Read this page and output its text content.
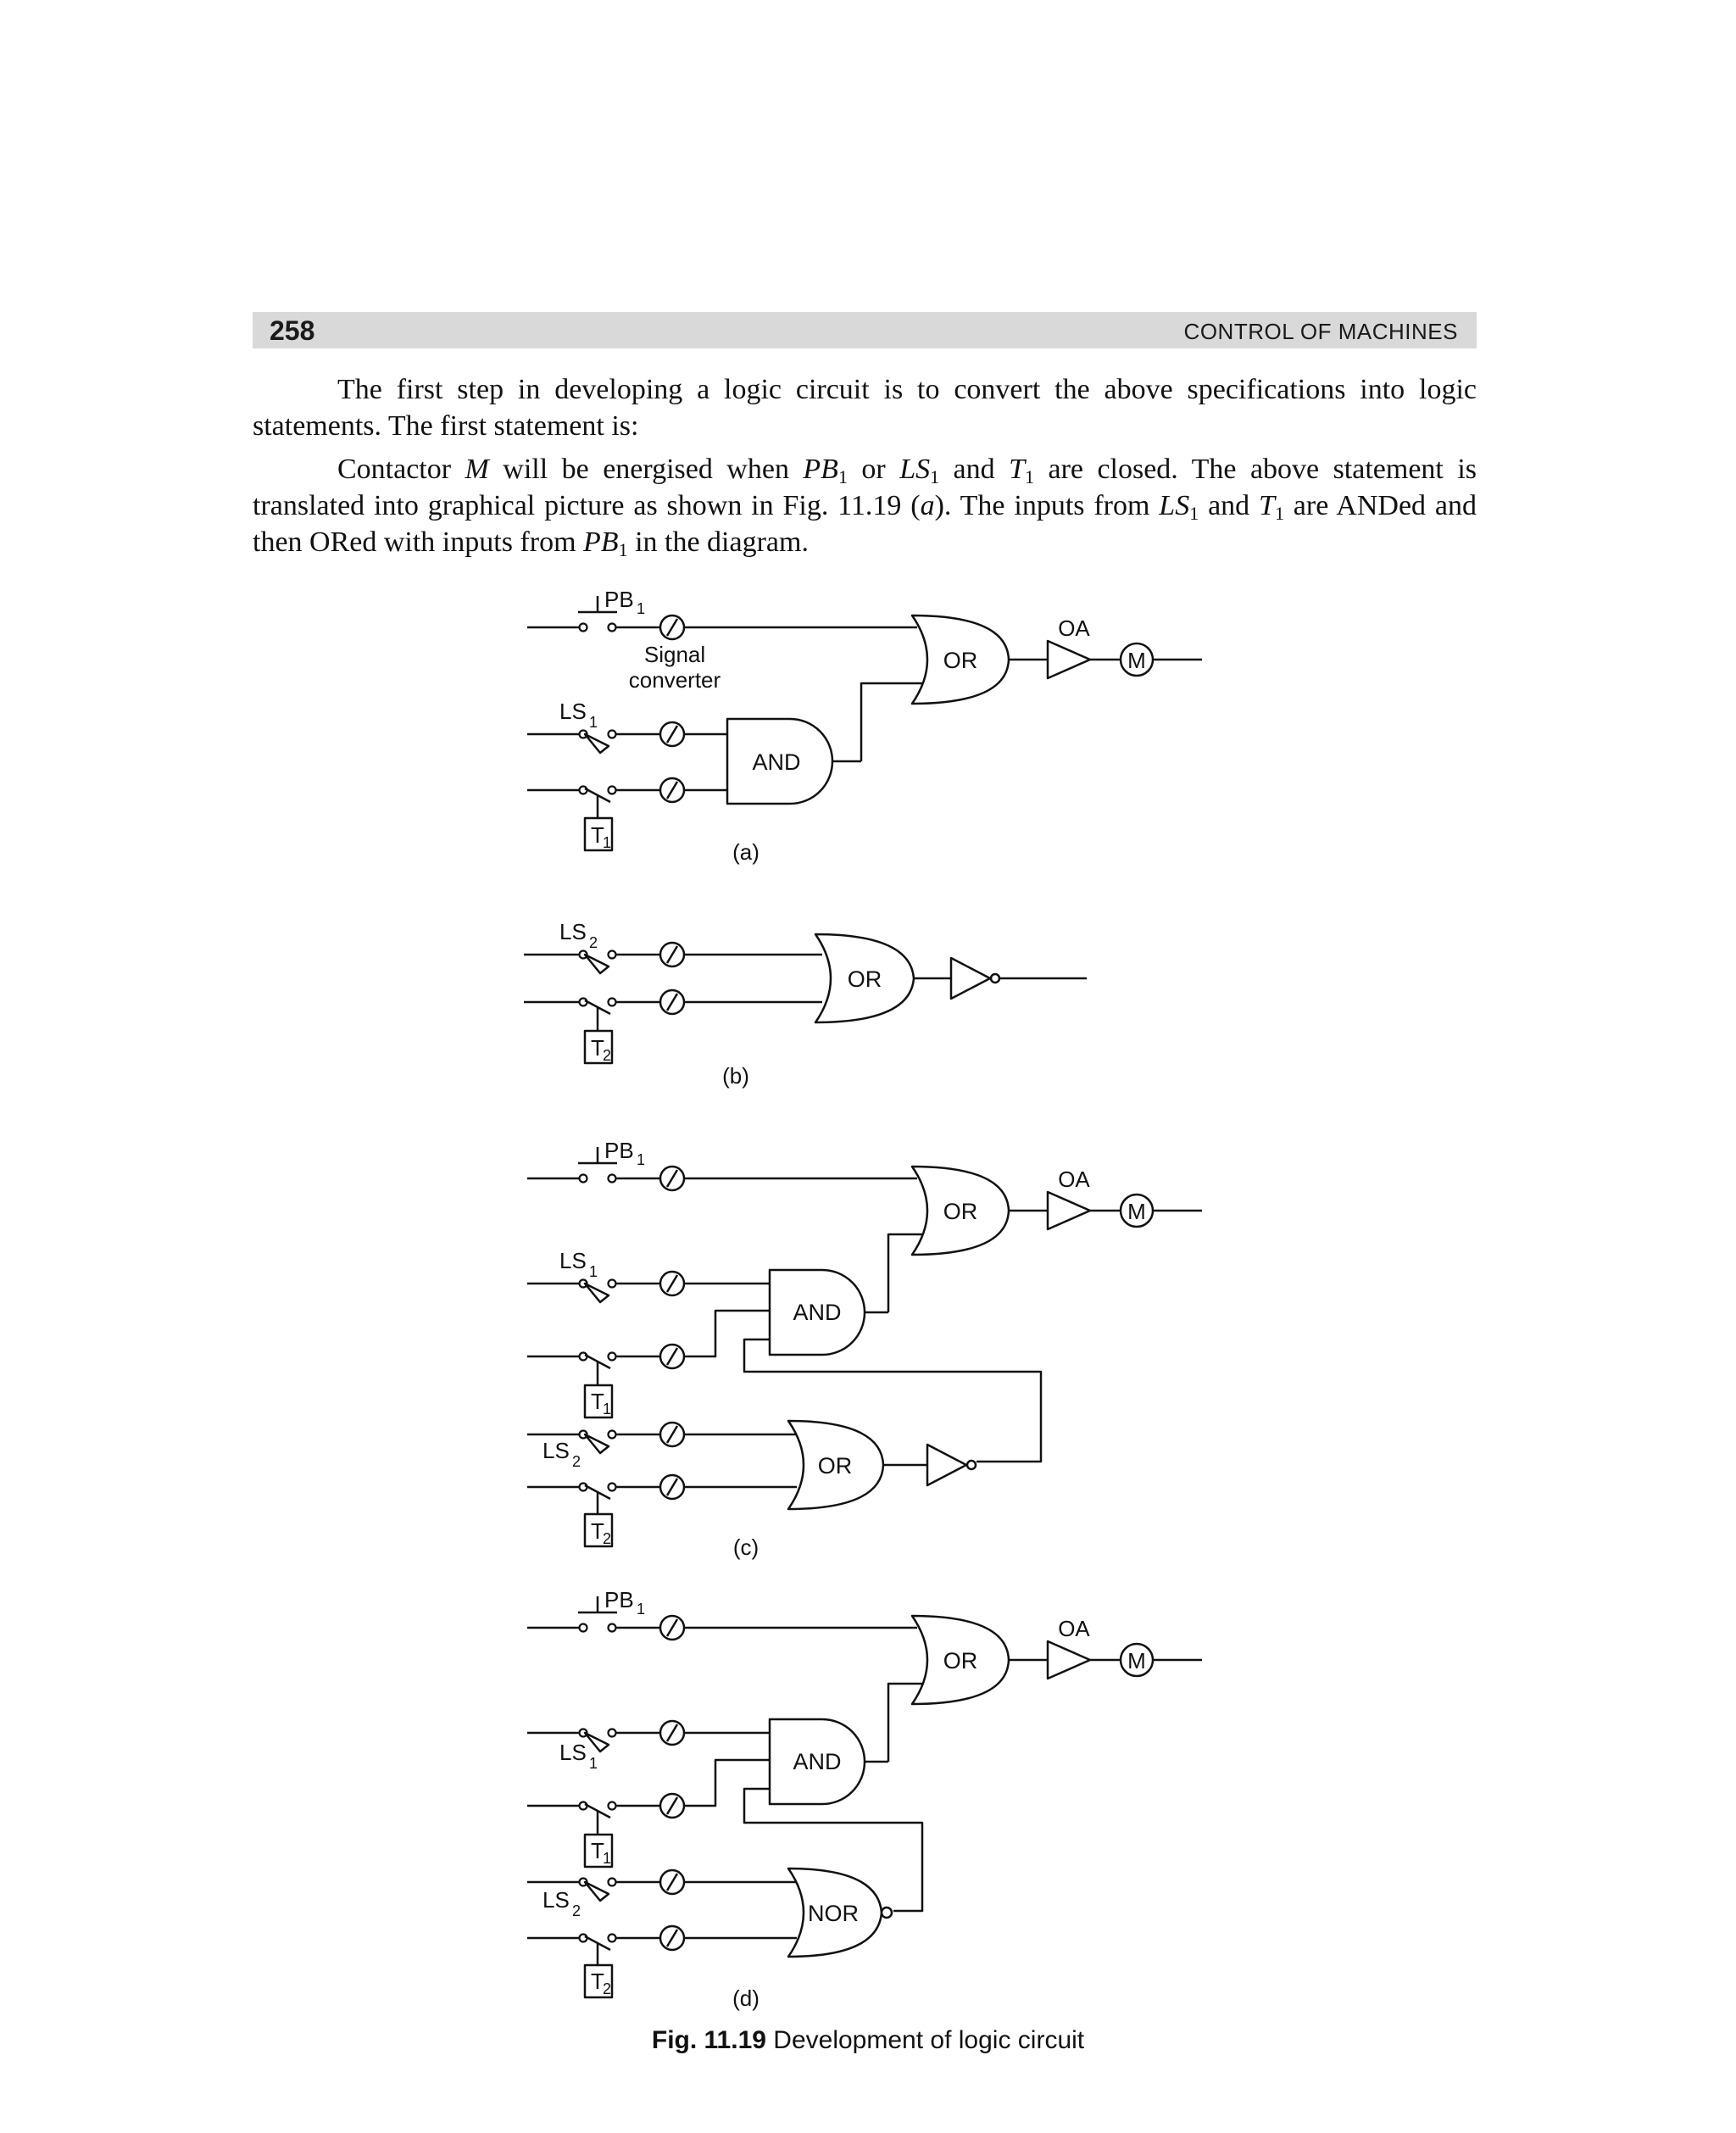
258	CONTROL OF MACHINES
The first step in developing a logic circuit is to convert the above specifications into logic statements. The first statement is:
Contactor M will be energised when $PB_1$ or $LS_1$ and $T_1$ are closed. The above statement is translated into graphical picture as shown in Fig. 11.19 (a). The inputs from $LS_1$ and $T_1$ are ANDed and then ORed with inputs from $PB_1$ in the diagram.
PB 1
Signal
converter
LS 1
T
1
AND
OR
OA
M
(a)
LS 2
T
2
OR
(b)
PB 1
LS 1
T
1
AND
OR
OA
M
LS 2
T
2
OR
(c)
PB 1
OR
OA
M
LS 1
T
1
AND
LS 2
T
2
NOR
(d)
Fig. 11.19 Development of logic circuit
